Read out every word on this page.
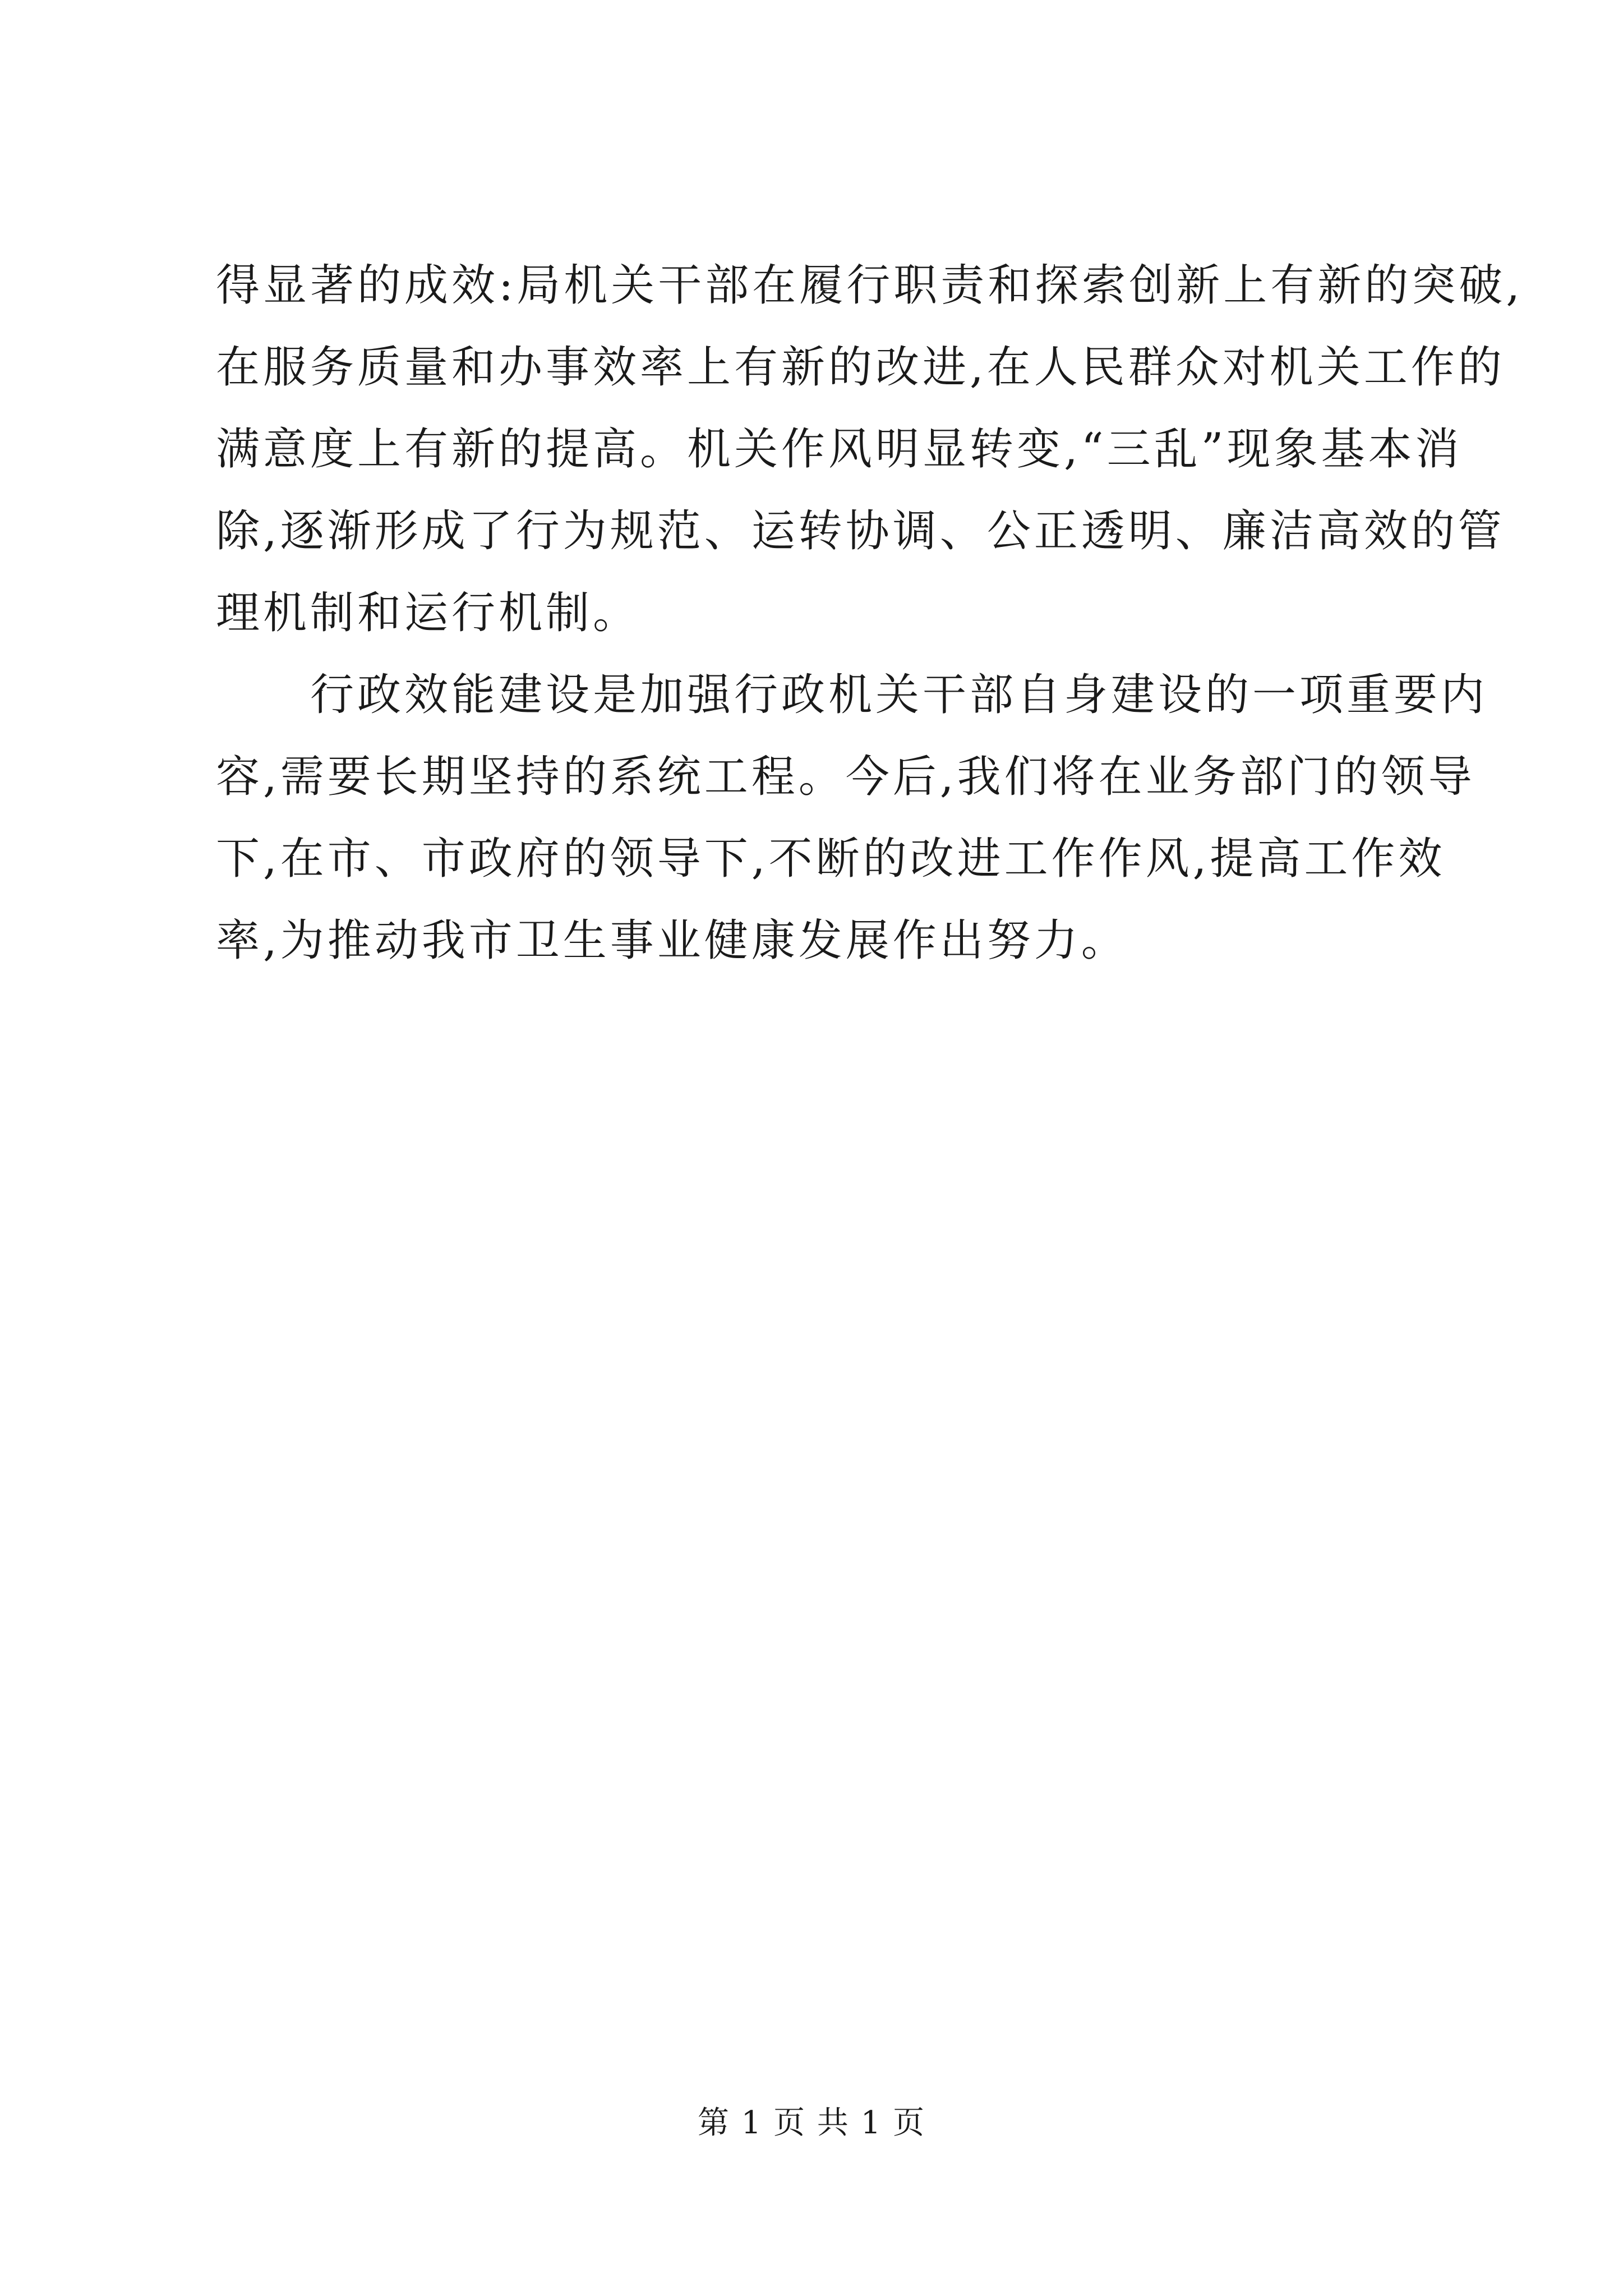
得显著的成效:局机关干部在履行职责和探索创新上有新的突破,
在服务质量和办事效率上有新的改进,在人民群众对机关工作的
满意度上有新的提高。机关作风明显转变,“三乱”现象基本消
除,逐渐形成了行为规范、运转协调、公正透明、廉洁高效的管
理机制和运行机制。
行政效能建设是加强行政机关干部自身建设的一项重要内
容,需要长期坚持的系统工程。今后,我们将在业务部门的领导
下,在市、市政府的领导下,不断的改进工作作风,提高工作效
率,为推动我市卫生事业健康发展作出努力。
第 1 页 共 1 页
